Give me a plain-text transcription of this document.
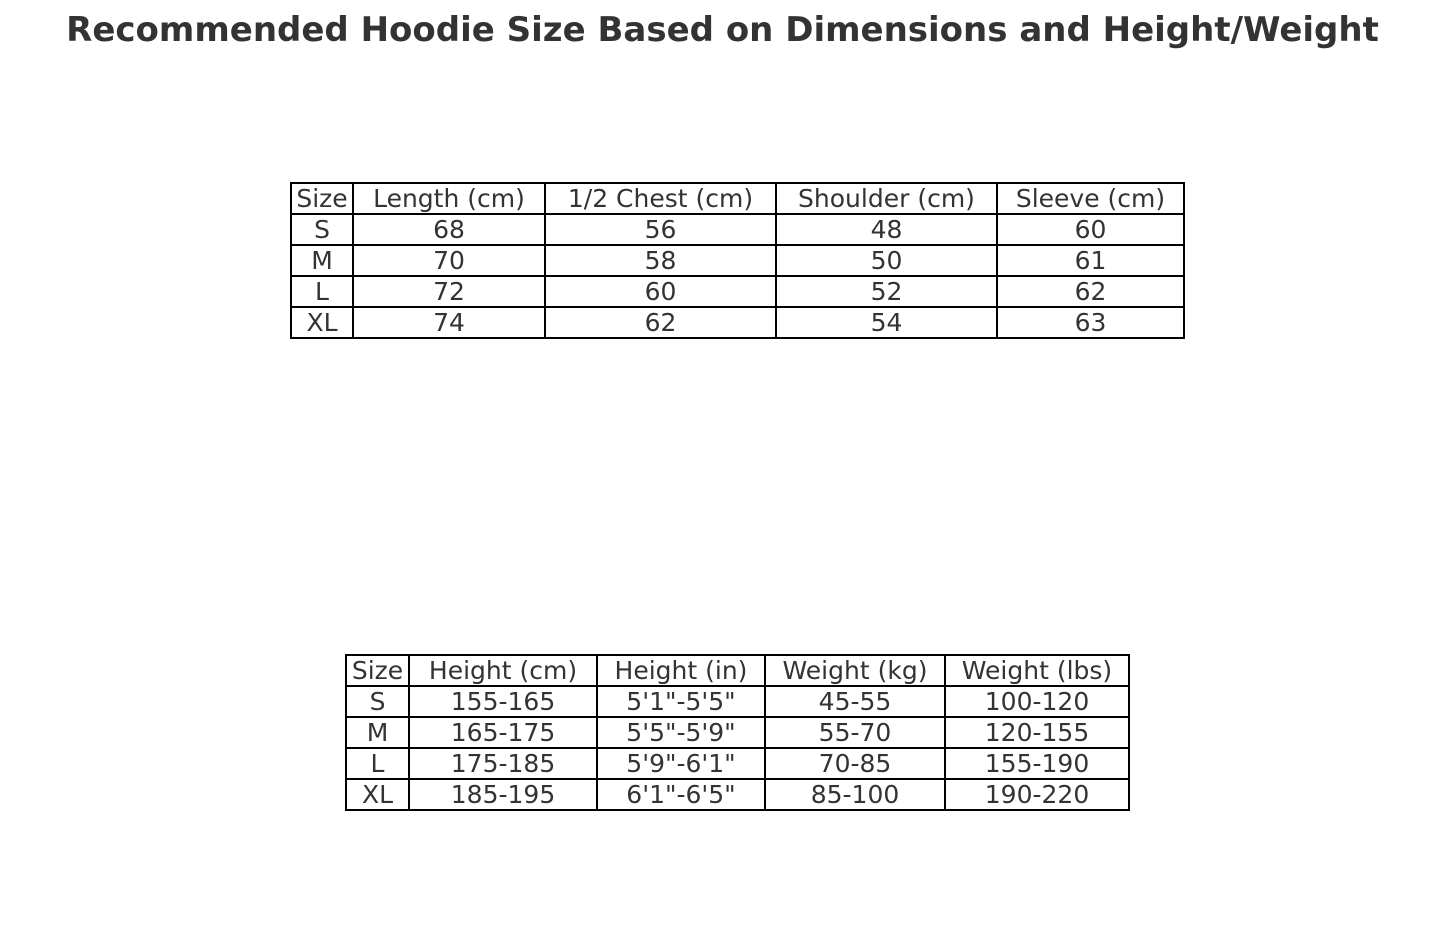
Recommended Hoodie Size Based on Dimensions and Height/Weight
Size	Length (cm)	1/2 Chest (cm)	Shoulder (cm)	Sleeve (cm)
S	68	56	48	60
M	70	58	50	61
L	72	60	52	62
XL	74	62	54	63
Size	Height (cm)	Height (in)	Weight (kg)	Weight (lbs)
S	155-165	5'1"-5'5"	45-55	100-120
M	165-175	5'5"-5'9"	55-70	120-155
L	175-185	5'9"-6'1"	70-85	155-190
XL	185-195	6'1"-6'5"	85-100	190-220
